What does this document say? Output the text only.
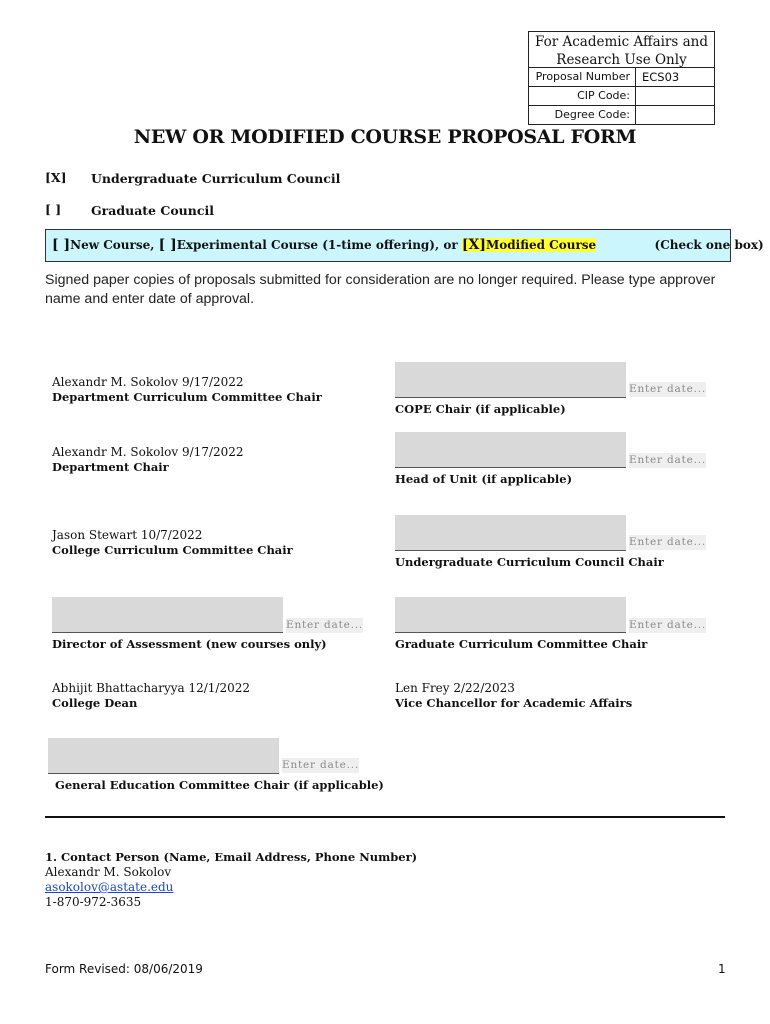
For Academic Affairs and Research Use Only
Proposal Number	ECS03
CIP Code:
Degree Code:
NEW OR MODIFIED COURSE PROPOSAL FORM
[X] Undergraduate Curriculum Council
[ ] Graduate Council
[ ]New Course, [ ]Experimental Course (1-time offering), or [X]Modified Course	(Check one box)
Signed paper copies of proposals submitted for consideration are no longer required. Please type approver name and enter date of approval.
Alexandr M. Sokolov 9/17/2022
Department Curriculum Committee Chair
Alexandr M. Sokolov 9/17/2022
Department Chair
Jason Stewart 10/7/2022
College Curriculum Committee Chair
Enter date...
Director of Assessment (new courses only)
Abhijit Bhattacharyya 12/1/2022
College Dean
Enter date...
General Education Committee Chair (if applicable)
Enter date...
COPE Chair (if applicable)
Enter date...
Head of Unit (if applicable)
Enter date...
Undergraduate Curriculum Council Chair
Enter date...
Graduate Curriculum Committee Chair
Len Frey 2/22/2023
Vice Chancellor for Academic Affairs
1. Contact Person (Name, Email Address, Phone Number)
Alexandr M. Sokolov
asokolov@astate.edu
1-870-972-3635
Form Revised: 08/06/2019	1
